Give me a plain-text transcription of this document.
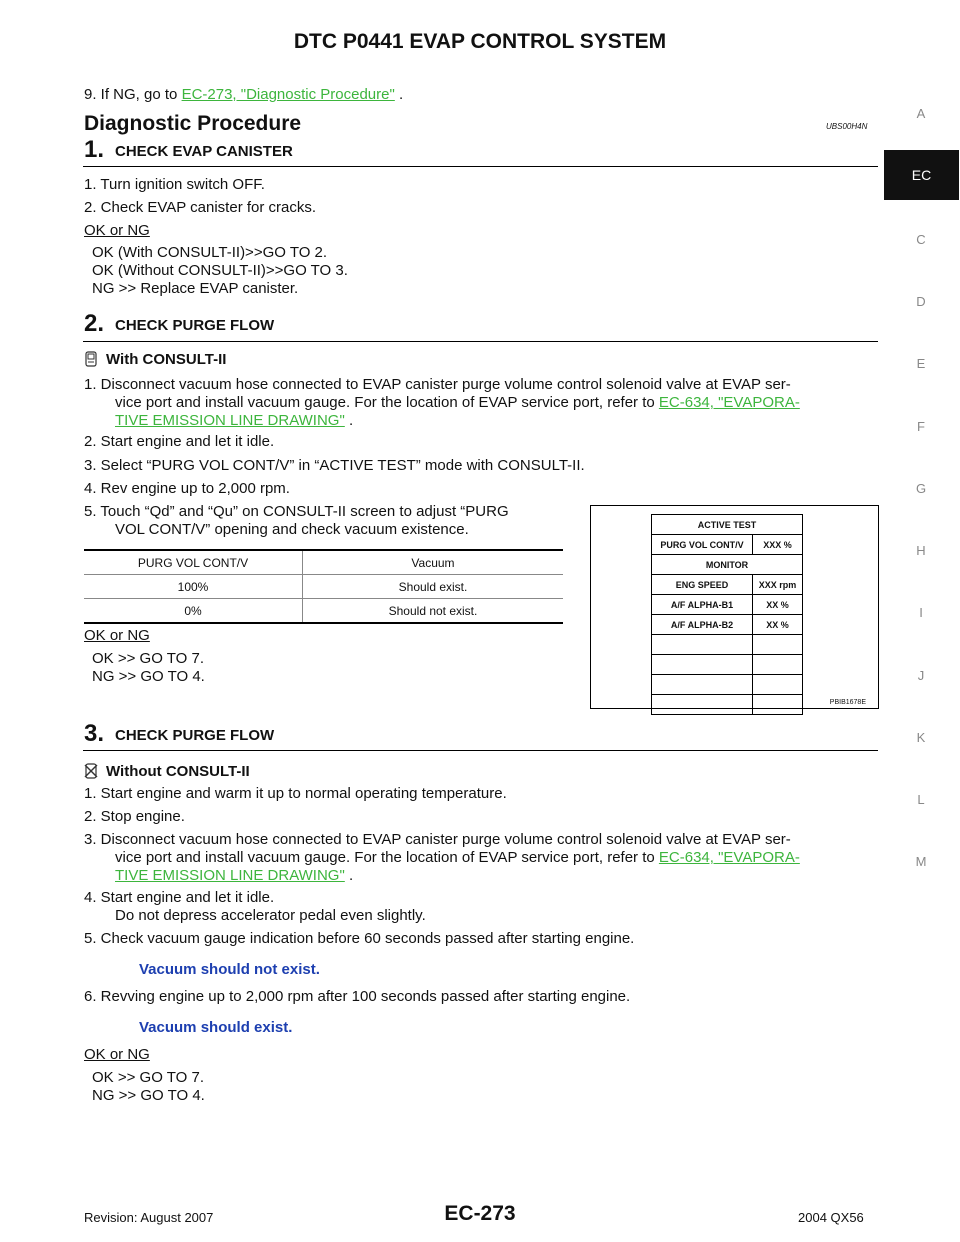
DTC P0441 EVAP CONTROL SYSTEM
A
EC
C
D
E
F
G
H
I
J
K
L
M
9. If NG, go to EC-273, "Diagnostic Procedure" .
Diagnostic Procedure	UBS00H4N
1. CHECK EVAP CANISTER
1. Turn ignition switch OFF.
2. Check EVAP canister for cracks.
OK or NG
OK (With CONSULT-II)>>GO TO 2.
OK (Without CONSULT-II)>>GO TO 3.
NG >> Replace EVAP canister.
2. CHECK PURGE FLOW
With CONSULT-II
1. Disconnect vacuum hose connected to EVAP canister purge volume control solenoid valve at EVAP ser-
vice port and install vacuum gauge. For the location of EVAP service port, refer to EC-634, "EVAPORA-
TIVE EMISSION LINE DRAWING" .
2. Start engine and let it idle.
3. Select “PURG VOL CONT/V” in “ACTIVE TEST” mode with CONSULT-II.
4. Rev engine up to 2,000 rpm.
5. Touch “Qd” and “Qu” on CONSULT-II screen to adjust “PURG
VOL CONT/V” opening and check vacuum existence.
PURG VOL CONT/V	Vacuum
100%	Should exist.
0%	Should not exist.
OK or NG
OK >> GO TO 7.
NG >> GO TO 4.
ACTIVE TEST
PURG VOL CONT/V	XXX %
MONITOR
ENG SPEED	XXX rpm
A/F ALPHA-B1	XX %
A/F ALPHA-B2	XX %
PBIB1678E
3. CHECK PURGE FLOW
Without CONSULT-II
1. Start engine and warm it up to normal operating temperature.
2. Stop engine.
3. Disconnect vacuum hose connected to EVAP canister purge volume control solenoid valve at EVAP ser-
vice port and install vacuum gauge. For the location of EVAP service port, refer to EC-634, "EVAPORA-
TIVE EMISSION LINE DRAWING" .
4. Start engine and let it idle.
Do not depress accelerator pedal even slightly.
5. Check vacuum gauge indication before 60 seconds passed after starting engine.
Vacuum should not exist.
6. Revving engine up to 2,000 rpm after 100 seconds passed after starting engine.
Vacuum should exist.
OK or NG
OK >> GO TO 7.
NG >> GO TO 4.
Revision: August 2007	EC-273	2004 QX56
